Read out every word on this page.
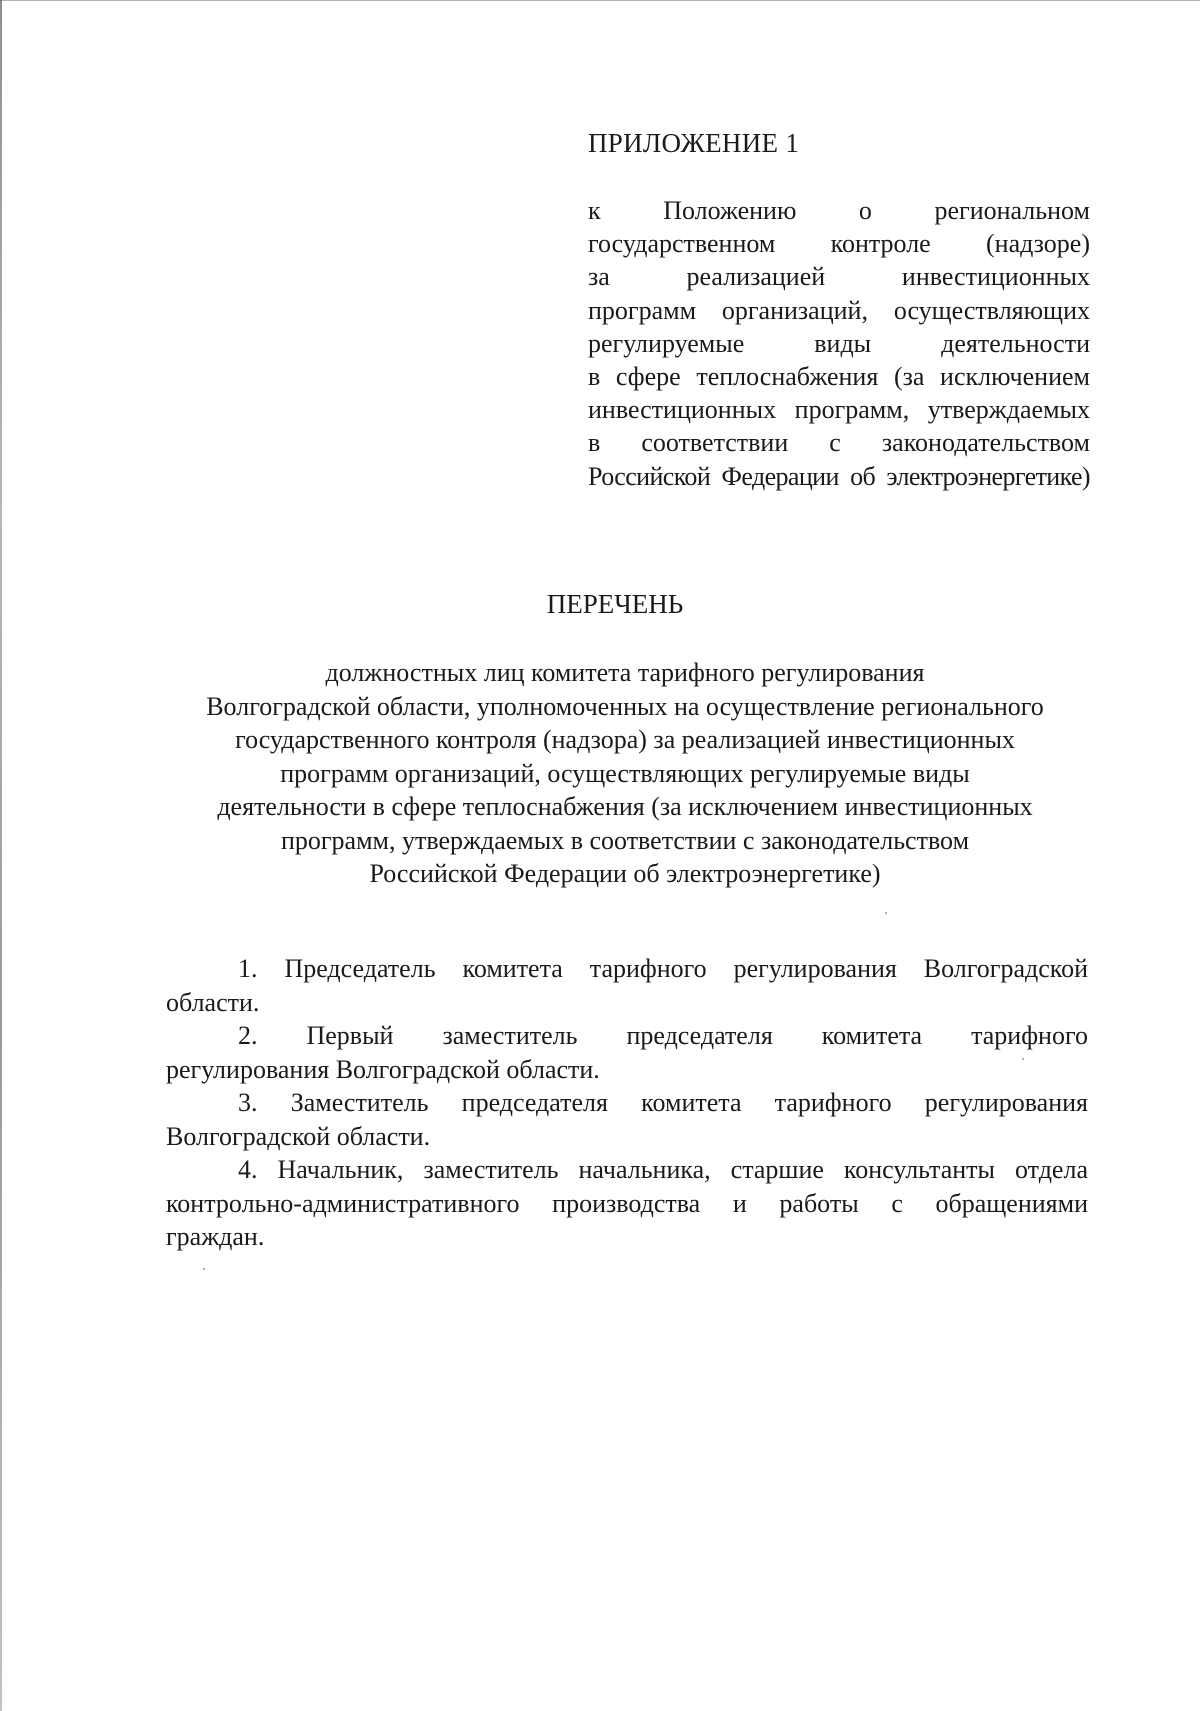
ПРИЛОЖЕНИЕ 1
к Положению о региональном
государственном контроле (надзоре)
за реализацией инвестиционных
программ организаций, осуществляющих
регулируемые виды деятельности
в сфере теплоснабжения (за исключением
инвестиционных программ, утверждаемых
в соответствии с законодательством
Российской Федерации об электроэнергетике)
ПЕРЕЧЕНЬ
должностных лиц комитета тарифного регулирования
Волгоградской области, уполномоченных на осуществление регионального
государственного контроля (надзора) за реализацией инвестиционных
программ организаций, осуществляющих регулируемые виды
деятельности в сфере теплоснабжения (за исключением инвестиционных
программ, утверждаемых в соответствии с законодательством
Российской Федерации об электроэнергетике)
1. Председатель комитета тарифного регулирования Волгоградской
области.
2. Первый заместитель председателя комитета тарифного
регулирования Волгоградской области.
3. Заместитель председателя комитета тарифного регулирования
Волгоградской области.
4. Начальник, заместитель начальника, старшие консультанты отдела
контрольно-административного производства и работы с обращениями
граждан.
